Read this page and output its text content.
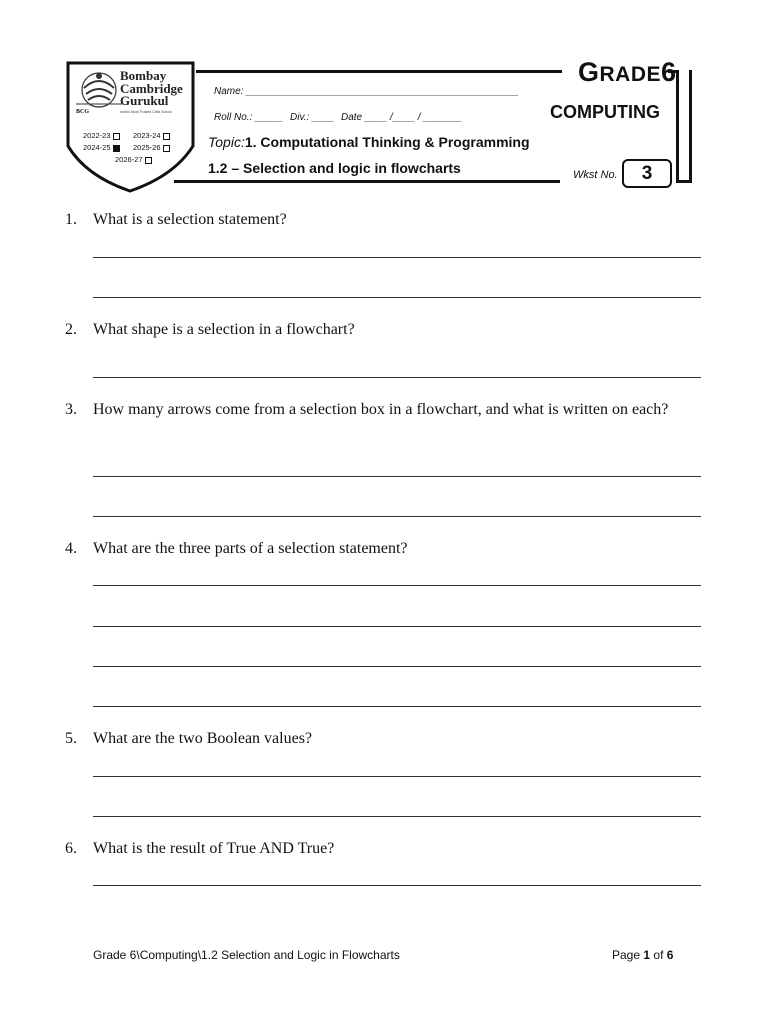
Bombay
Cambridge
Gurukul
BCG	India's Most Trusted Child School
2022-23	2023-24
2024-25	2025-26
2026-27
Name: _________________________________________________
Roll No.: _____ Div.: ____ Date ____ /____ / _______
GRADE6
COMPUTING
Topic:1. Computational Thinking & Programming
1.2 – Selection and logic in flowcharts	Wkst No.	3
1. What is a selection statement?
2. What shape is a selection in a flowchart?
3. How many arrows come from a selection box in a flowchart, and what is written on each?
4. What are the three parts of a selection statement?
5. What are the two Boolean values?
6. What is the result of True AND True?
Grade 6\Computing\1.2 Selection and Logic in Flowcharts	Page 1 of 6
